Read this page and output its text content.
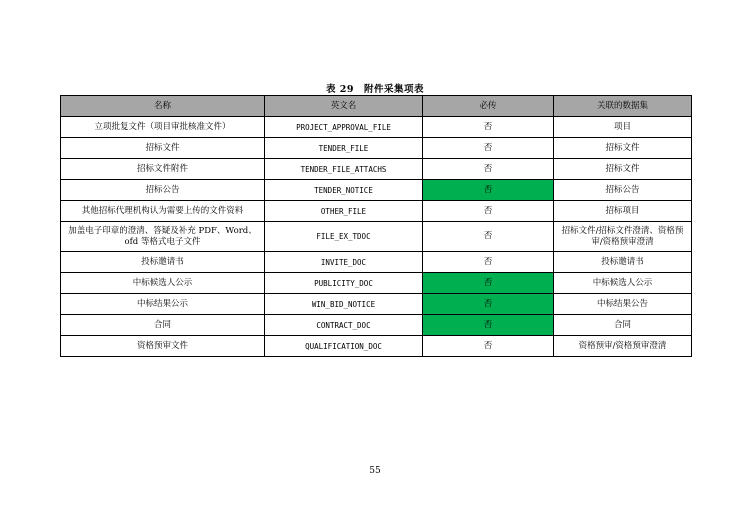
表 29　附件采集项表
名称	英文名	必传	关联的数据集
立项批复文件（项目审批核准文件）	PROJECT_APPROVAL_FILE	否	项目
招标文件	TENDER_FILE	否	招标文件
招标文件附件	TENDER_FILE_ATTACHS	否	招标文件
招标公告	TENDER_NOTICE	否	招标公告
其他招标代理机构认为需要上传的文件资料	OTHER_FILE	否	招标项目
加盖电子印章的澄清、答疑及补充 PDF、Word、ofd 等格式电子文件	FILE_EX_TDOC	否	招标文件/招标文件澄清、资格预审/资格预审澄清
投标邀请书	INVITE_DOC	否	投标邀请书
中标候选人公示	PUBLICITY_DOC	否	中标候选人公示
中标结果公示	WIN_BID_NOTICE	否	中标结果公告
合同	CONTRACT_DOC	否	合同
资格预审文件	QUALIFICATION_DOC	否	资格预审/资格预审澄清
55
